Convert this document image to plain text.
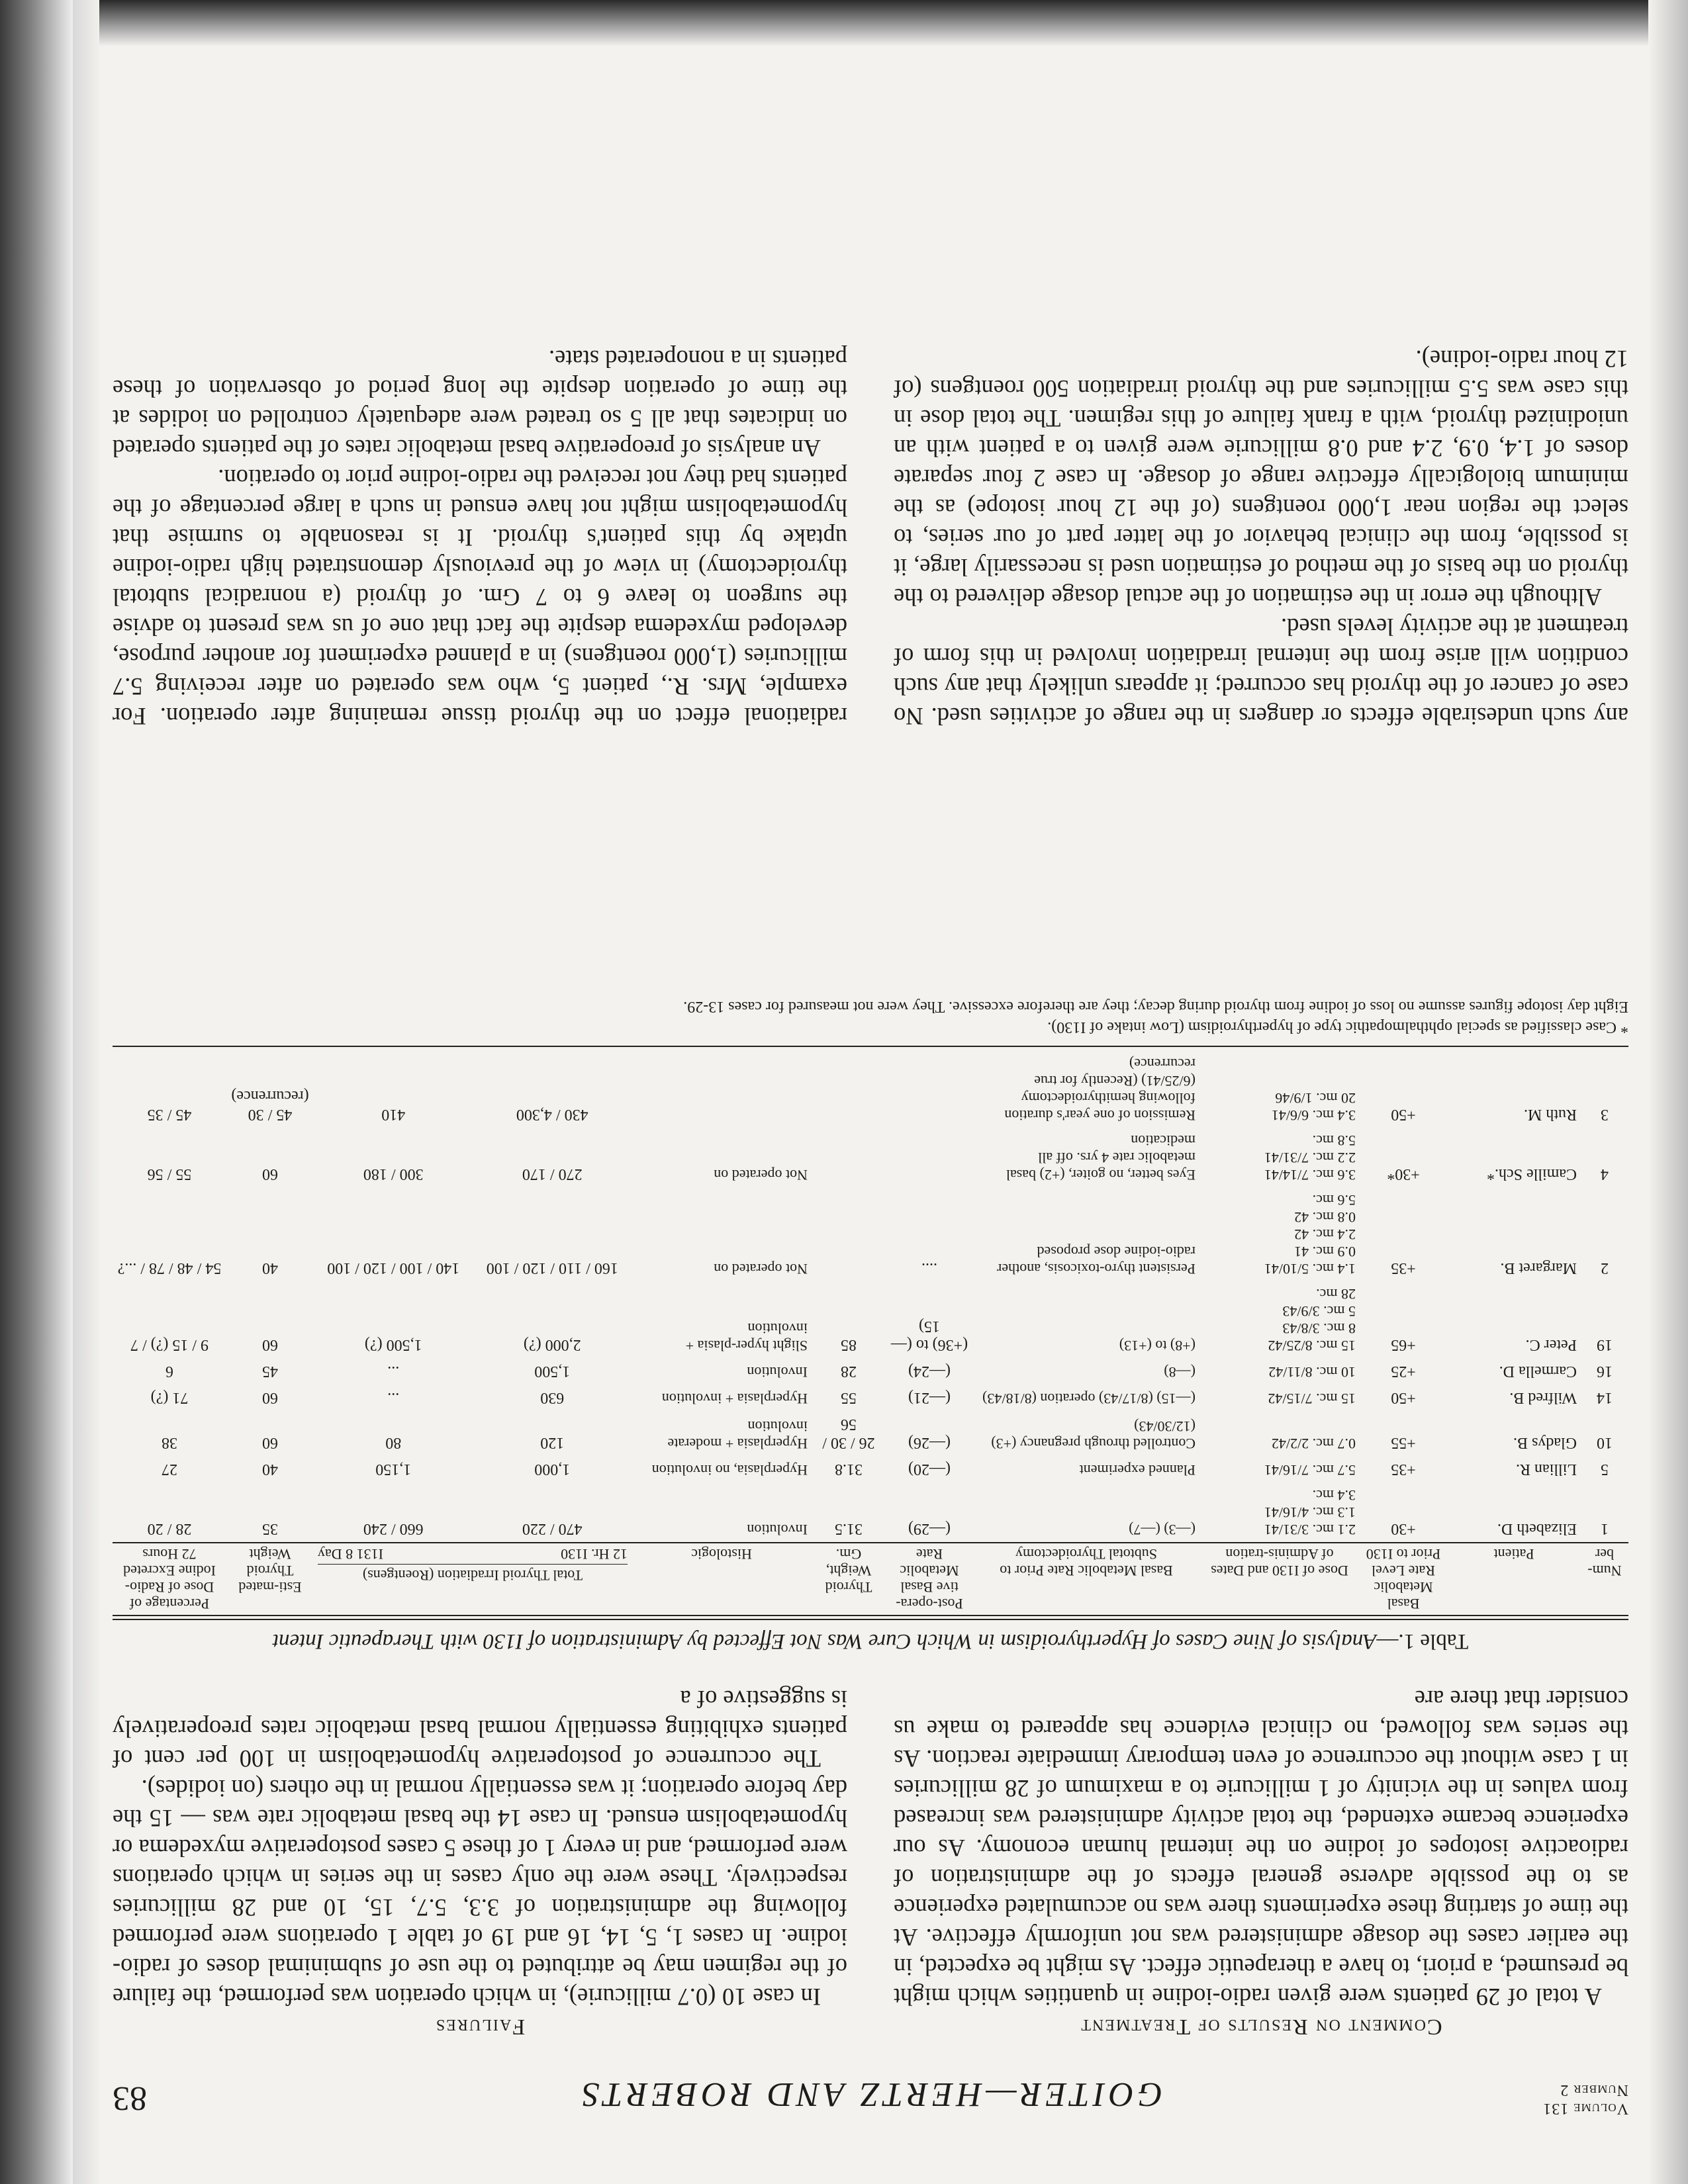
Volume 131
Number 2
GOITER—HERTZ AND ROBERTS
83

Comment on Results of Treatment

A total of 29 patients were given radio-iodine in quantities which might be presumed, a priori, to have a therapeutic effect. As might be expected, in the earlier cases the dosage administered was not uniformly effective. At the time of starting these experiments there was no accumulated experience as to the possible adverse general effects of the administration of radioactive isotopes of iodine on the internal human economy. As our experience became extended, the total activity administered was increased from values in the vicinity of 1 millicurie to a maximum of 28 millicuries in 1 case without the occurrence of even temporary immediate reaction. As the series was followed, no clinical evidence has appeared to make us consider that there are

Failures

In case 10 (0.7 millicurie), in which operation was performed, the failure of the regimen may be attributed to the use of subminimal doses of radio-iodine. In cases 1, 5, 14, 16 and 19 of table 1 operations were performed following the administration of 3.3, 5.7, 15, 10 and 28 millicuries respectively. These were the only cases in the series in which operations were performed, and in every 1 of these 5 cases postoperative myxedema or hypometabolism ensued. In case 14 the basal metabolic rate was — 15 the day before operation; it was essentially normal in the others (on iodides).

The occurrence of postoperative hypometabolism in 100 per cent of patients exhibiting essentially normal basal metabolic rates preoperatively is suggestive of a

Table 1.—Analysis of Nine Cases of Hyperthyroidism in Which Cure Was Not Effected by Administration of I130 with Therapeutic Intent
Num-ber	Patient	Basal Metabolic Rate Level Prior to I130	Dose of I130 and Dates of Adminis-tration	Basal Metabolic Rate Prior to Subtotal Thyroidectomy	Post-opera-tive Basal Metabolic Rate	Thyroid Weight, Gm.	Histologic	Total Thyroid Irradiation (Roentgens)
12 Hr. I130
I131 8 Day		Esti-mated Thyroid Weight	Percentage of Dose of Radio-Iodine Excreted 72 Hours
1	Elizabeth D.	+30	2.1 mc. 3/31/41
1.3 mc. 4/16/41
3.4 mc.	(—3) (—7)	(—29)	31.5	Involution	470 / 220	660 / 240	35	28 / 20
5	Lillian R.	+35	5.7 mc. 7/16/41	Planned experiment	(—20)	31.8	Hyperplasia, no involution	1,000	1,150	40	27
10	Gladys B.	+55	0.7 mc. 2/2/42	Controlled through pregnancy (+3) (12/30/43)	(—26)	26 / 30 / 56	Hyperplasia + moderate involution	120	80	60	38
14	Wilfred B.	+50	15 mc. 7/15/42	(—15) (8/17/43) operation (8/18/43)	(—21)	55	Hyperplasia + involution	630	...	60	71 (?)
16	Carmella D.	+25	10 mc. 8/11/42	(—8)	(—24)	28	Involution	1,500	...	45	6
19	Peter C.	+65	15 mc. 8/25/42
8 mc. 3/8/43
5 mc. 3/9/43
28 mc.	(+8) to (+13)	(+36) to (—15)	85	Slight hyper-plasia + involution	2,000 (?)	1,500 (?)	60	9 / 15 (?) / 7
2	Margaret B.	+35	1.4 mc. 5/10/41
0.9 mc. 41
2.4 mc. 42
0.8 mc. 42
5.6 mc.	Persistent thyro-toxicosis, another radio-iodine dose proposed	....		Not operated on	160 / 110 / 120 / 100	140 / 100 / 120 / 100	40	54 / 48 / 78 / ...?
4	Camille Sch.*	+30*	3.6 mc. 7/14/41
2.2 mc. 7/31/41
5.8 mc.	Eyes better, no goiter, (+2) basal metabolic rate 4 yrs. off all medication			Not operated on	270 / 170	300 / 180	60	55 / 56
3	Ruth M.	+50	3.4 mc. 6/6/41
20 mc. 1/9/46	Remission of one year's duration following hemithyroidectomy (6/25/41) (Recently for true recurrence)				430 / 4,300	410	45 / 30 (recurrence)	45 / 35

* Case classified as special ophthalmopathic type of hyperthyroidism (Low intake of I130).

Eight day isotope figures assume no loss of iodine from thyroid during decay; they are therefore excessive. They were not measured for cases 13-29.

any such undesirable effects or dangers in the range of activities used. No case of cancer of the thyroid has occurred; it appears unlikely that any such condition will arise from the internal irradiation involved in this form of treatment at the activity levels used.

Although the error in the estimation of the actual dosage delivered to the thyroid on the basis of the method of estimation used is necessarily large, it is possible, from the clinical behavior of the latter part of our series, to select the region near 1,000 roentgens (of the 12 hour isotope) as the minimum biologically effective range of dosage. In case 2 four separate doses of 1.4, 0.9, 2.4 and 0.8 millicurie were given to a patient with an uniodinized thyroid, with a frank failure of this regimen. The total dose in this case was 5.5 millicuries and the thyroid irradiation 500 roentgens (of 12 hour radio-iodine).

radiational effect on the thyroid tissue remaining after operation. For example, Mrs. R., patient 5, who was operated on after receiving 5.7 millicuries (1,000 roentgens) in a planned experiment for another purpose, developed myxedema despite the fact that one of us was present to advise the surgeon to leave 6 to 7 Gm. of thyroid (a nonradical subtotal thyroidectomy) in view of the previously demonstrated high radio-iodine uptake by this patient's thyroid. It is reasonable to surmise that hypometabolism might not have ensued in such a large percentage of the patients had they not received the radio-iodine prior to operation.

An analysis of preoperative basal metabolic rates of the patients operated on indicates that all 5 so treated were adequately controlled on iodides at the time of operation despite the long period of observation of these patients in a nonoperated state.
